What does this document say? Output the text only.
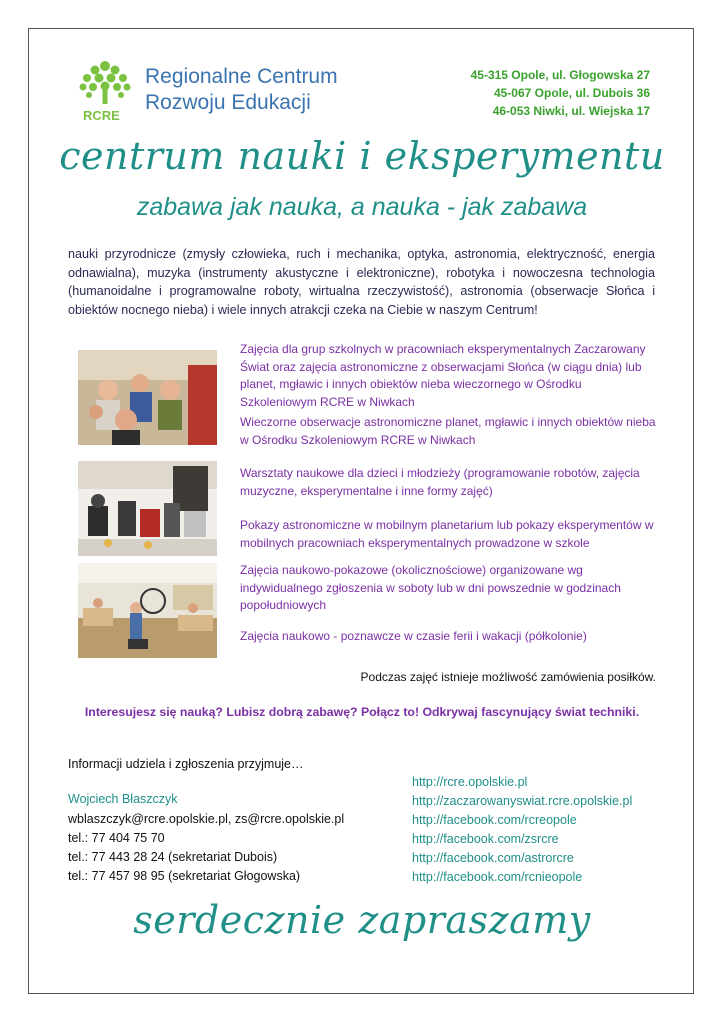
RCRE
Regionalne Centrum
Rozwoju Edukacji
45-315 Opole, ul. Głogowska 27
45-067 Opole, ul. Dubois 36
46-053 Niwki, ul. Wiejska 17
centrum nauki i eksperymentu
zabawa jak nauka, a nauka - jak zabawa
nauki przyrodnicze (zmysły człowieka, ruch i mechanika, optyka, astronomia, elektryczność, energia odnawialna), muzyka (instrumenty akustyczne i elektroniczne), robotyka i nowoczesna technologia (humanoidalne i programowalne roboty, wirtualna rzeczywistość), astronomia (obserwacje Słońca i obiektów nocnego nieba) i wiele innych atrakcji czeka na Ciebie w naszym Centrum!
Zajęcia dla grup szkolnych w pracowniach eksperymentalnych Zaczarowany Świat oraz zajęcia astronomiczne z obserwacjami Słońca (w ciągu dnia) lub planet, mgławic i innych obiektów nieba wieczornego w Ośrodku Szkoleniowym RCRE w Niwkach
Wieczorne obserwacje astronomiczne planet, mgławic i innych obiektów nieba w Ośrodku Szkoleniowym RCRE w Niwkach
Warsztaty naukowe dla dzieci i młodzieży (programowanie robotów, zajęcia muzyczne, eksperymentalne i inne formy zajęć)
Pokazy astronomiczne w mobilnym planetarium lub pokazy eksperymentów w mobilnych pracowniach eksperymentalnych prowadzone w szkole
Zajęcia naukowo-pokazowe (okolicznościowe) organizowane wg indywidualnego zgłoszenia w soboty lub w dni powszednie w godzinach popołudniowych
Zajęcia naukowo - poznawcze w czasie ferii i wakacji (półkolonie)
Podczas zajęć istnieje możliwość zamówienia posiłków.
Interesujesz się nauką? Lubisz dobrą zabawę? Połącz to! Odkrywaj fascynujący świat techniki.
Informacji udziela i zgłoszenia przyjmuje…
Wojciech Błaszczyk
wblaszczyk@rcre.opolskie.pl, zs@rcre.opolskie.pl
tel.: 77 404 75 70
tel.: 77 443 28 24 (sekretariat Dubois)
tel.: 77 457 98 95 (sekretariat Głogowska)
http://rcre.opolskie.pl
http://zaczarowanyswiat.rcre.opolskie.pl
http://facebook.com/rcreopole
http://facebook.com/zsrcre
http://facebook.com/astrorcre
http://facebook.com/rcnieopole
serdecznie zapraszamy
